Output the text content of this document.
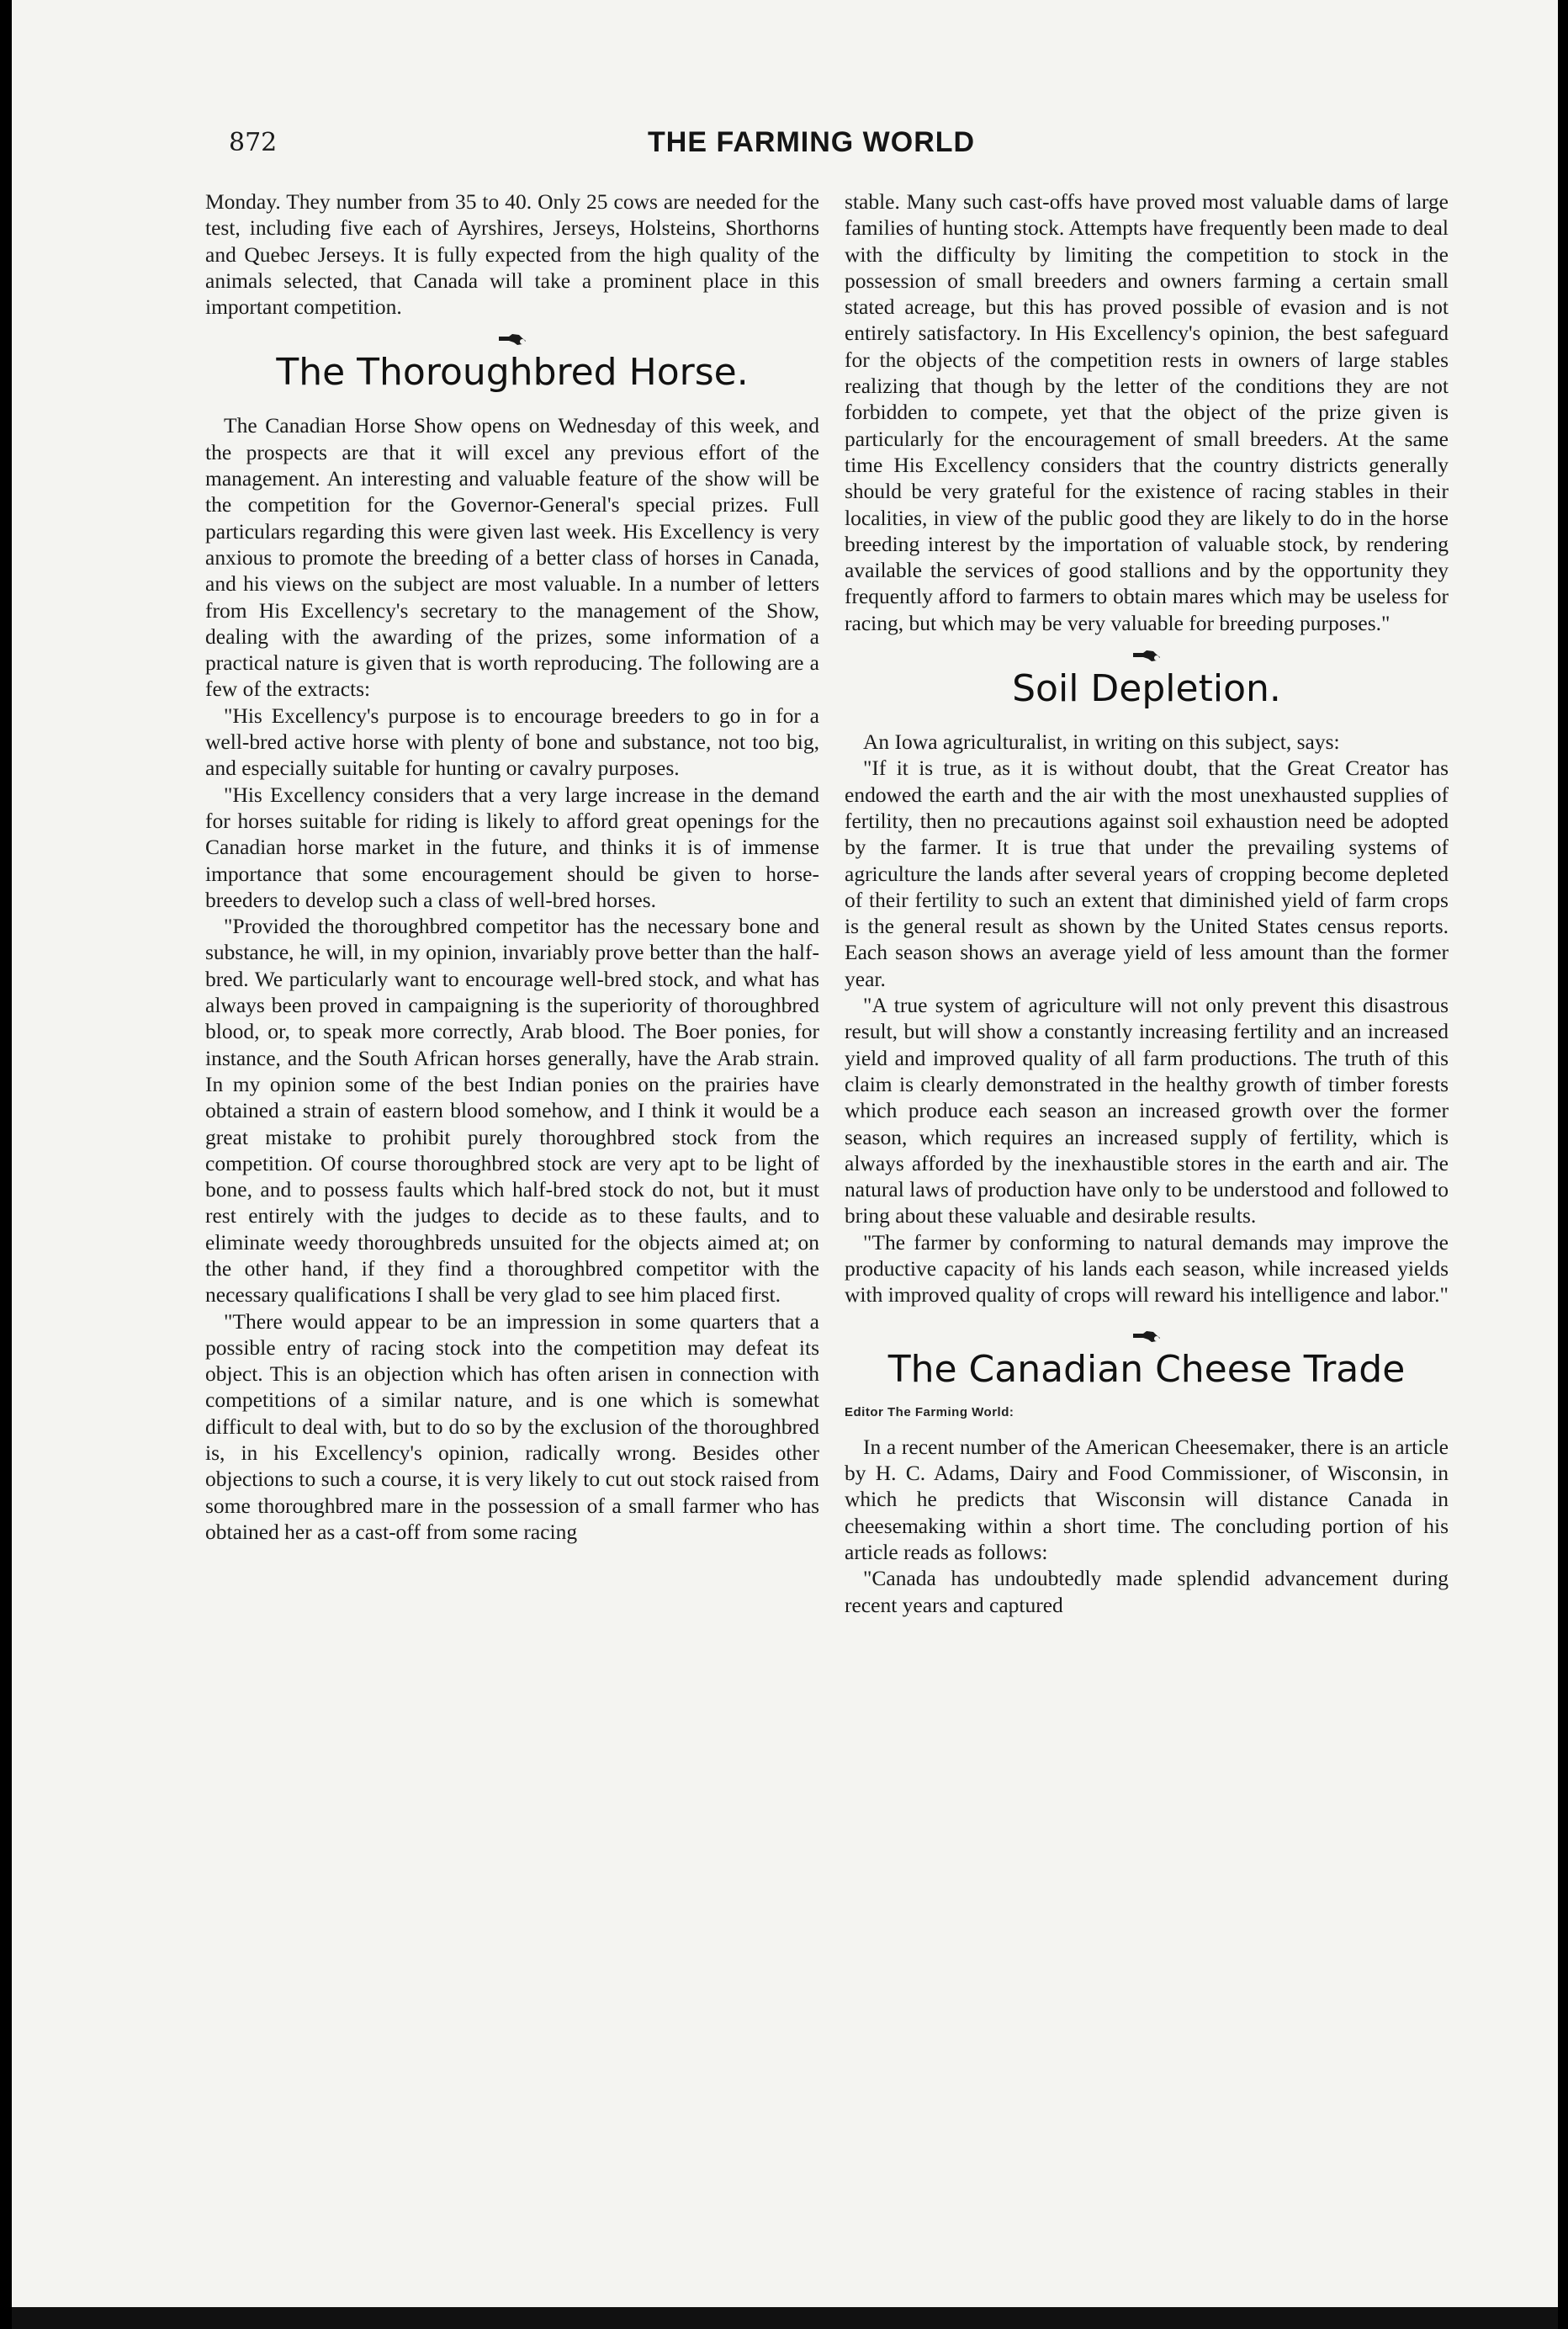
872	THE FARMING WORLD

Monday. They number from 35 to 40. Only 25 cows are needed for the test, including five each of Ayrshires, Jerseys, Holsteins, Shorthorns and Quebec Jerseys. It is fully expected from the high quality of the animals selected, that Canada will take a prominent place in this important competition.

The Thoroughbred Horse.

The Canadian Horse Show opens on Wednesday of this week, and the prospects are that it will excel any previous effort of the management. An interesting and valuable feature of the show will be the competition for the Governor-General's special prizes. Full particulars regarding this were given last week. His Excellency is very anxious to promote the breeding of a better class of horses in Canada, and his views on the subject are most valuable. In a number of letters from His Excellency's secretary to the management of the Show, dealing with the awarding of the prizes, some information of a practical nature is given that is worth reproducing. The following are a few of the extracts:

"His Excellency's purpose is to encourage breeders to go in for a well-bred active horse with plenty of bone and substance, not too big, and especially suitable for hunting or cavalry purposes.

"His Excellency considers that a very large increase in the demand for horses suitable for riding is likely to afford great openings for the Canadian horse market in the future, and thinks it is of immense importance that some encouragement should be given to horse-breeders to develop such a class of well-bred horses.

"Provided the thoroughbred competitor has the necessary bone and substance, he will, in my opinion, invariably prove better than the half-bred. We particularly want to encourage well-bred stock, and what has always been proved in campaigning is the superiority of thoroughbred blood, or, to speak more correctly, Arab blood. The Boer ponies, for instance, and the South African horses generally, have the Arab strain. In my opinion some of the best Indian ponies on the prairies have obtained a strain of eastern blood somehow, and I think it would be a great mistake to prohibit purely thoroughbred stock from the competition. Of course thoroughbred stock are very apt to be light of bone, and to possess faults which half-bred stock do not, but it must rest entirely with the judges to decide as to these faults, and to eliminate weedy thoroughbreds unsuited for the objects aimed at; on the other hand, if they find a thoroughbred competitor with the necessary qualifications I shall be very glad to see him placed first.

"There would appear to be an impression in some quarters that a possible entry of racing stock into the competition may defeat its object. This is an objection which has often arisen in connection with competitions of a similar nature, and is one which is somewhat difficult to deal with, but to do so by the exclusion of the thoroughbred is, in his Excellency's opinion, radically wrong. Besides other objections to such a course, it is very likely to cut out stock raised from some thoroughbred mare in the possession of a small farmer who has obtained her as a cast-off from some racing

stable. Many such cast-offs have proved most valuable dams of large families of hunting stock. Attempts have frequently been made to deal with the difficulty by limiting the competition to stock in the possession of small breeders and owners farming a certain small stated acreage, but this has proved possible of evasion and is not entirely satisfactory. In His Excellency's opinion, the best safeguard for the objects of the competition rests in owners of large stables realizing that though by the letter of the conditions they are not forbidden to compete, yet that the object of the prize given is particularly for the encouragement of small breeders. At the same time His Excellency considers that the country districts generally should be very grateful for the existence of racing stables in their localities, in view of the public good they are likely to do in the horse breeding interest by the importation of valuable stock, by rendering available the services of good stallions and by the opportunity they frequently afford to farmers to obtain mares which may be useless for racing, but which may be very valuable for breeding purposes."

Soil Depletion.

An Iowa agriculturalist, in writing on this subject, says:

"If it is true, as it is without doubt, that the Great Creator has endowed the earth and the air with the most unexhausted supplies of fertility, then no precautions against soil exhaustion need be adopted by the farmer. It is true that under the prevailing systems of agriculture the lands after several years of cropping become depleted of their fertility to such an extent that diminished yield of farm crops is the general result as shown by the United States census reports. Each season shows an average yield of less amount than the former year.

"A true system of agriculture will not only prevent this disastrous result, but will show a constantly increasing fertility and an increased yield and improved quality of all farm productions. The truth of this claim is clearly demonstrated in the healthy growth of timber forests which produce each season an increased growth over the former season, which requires an increased supply of fertility, which is always afforded by the inexhaustible stores in the earth and air. The natural laws of production have only to be understood and followed to bring about these valuable and desirable results.

"The farmer by conforming to natural demands may improve the productive capacity of his lands each season, while increased yields with improved quality of crops will reward his intelligence and labor."

The Canadian Cheese Trade
Editor The Farming World:

In a recent number of the American Cheesemaker, there is an article by H. C. Adams, Dairy and Food Commissioner, of Wisconsin, in which he predicts that Wisconsin will distance Canada in cheesemaking within a short time. The concluding portion of his article reads as follows:

"Canada has undoubtedly made splendid advancement during recent years and captured
